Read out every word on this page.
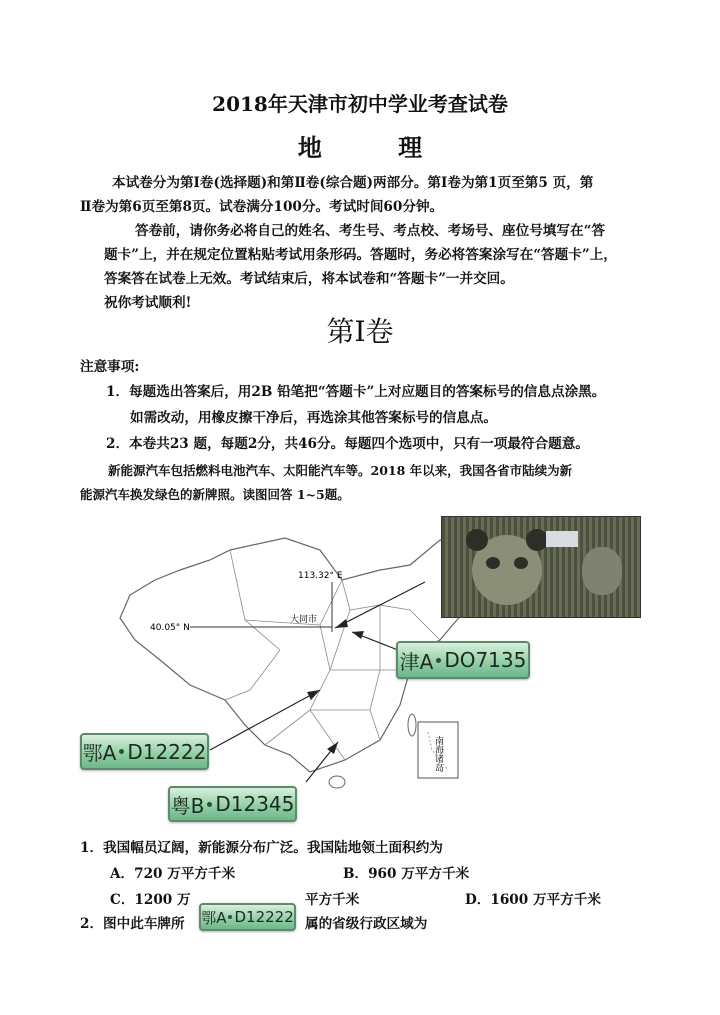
2018年天津市初中学业考查试卷
地 理
本试卷分为第Ⅰ卷(选择题)和第Ⅱ卷(综合题)两部分。第Ⅰ卷为第1页至第5 页，第
Ⅱ卷为第6页至第8页。试卷满分100分。考试时间60分钟。
答卷前，请你务必将自己的姓名、考生号、考点校、考场号、座位号填写在“答
题卡”上，并在规定位置粘贴考试用条形码。答题时，务必将答案涂写在“答题卡”上，
答案答在试卷上无效。考试结束后，将本试卷和“答题卡”一并交回。
祝你考试顺利!
第Ⅰ卷
注意事项:
1．每题选出答案后，用2B 铅笔把“答题卡”上对应题目的答案标号的信息点涂黑。
如需改动，用橡皮擦干净后，再选涂其他答案标号的信息点。
2．本卷共23 题，每题2分，共46分。每题四个选项中，只有一项最符合题意。
新能源汽车包括燃料电池汽车、太阳能汽车等。2018 年以来，我国各省市陆续为新
能源汽车换发绿色的新牌照。读图回答 1~5题。
113.32° E
40.05° N
大同市
南海诸岛
津A DO7135
鄂A D12222
粤B D12345
1．我国幅员辽阔，新能源分布广泛。我国陆地领土面积约为
A．720 万平方千米	B．960 万平方千米
C．1200 万	平方千米	D．1600 万平方千米
2．图中此车牌所 鄂A D12222 属的省级行政区域为
